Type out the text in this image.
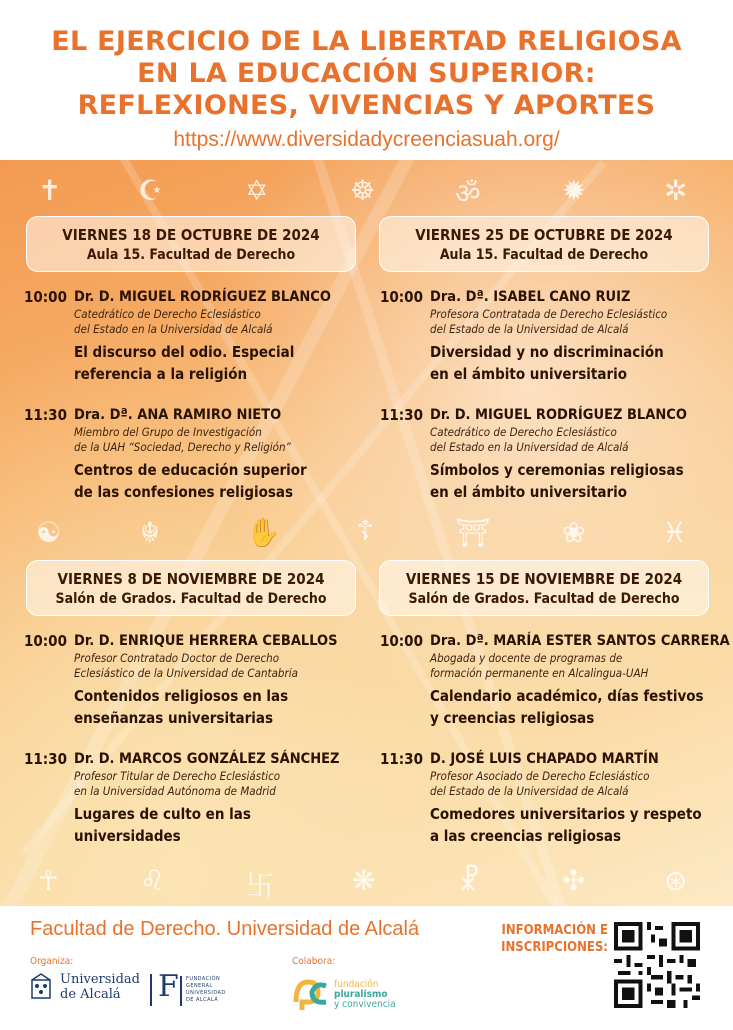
EL EJERCICIO DE LA LIBERTAD RELIGIOSA
EN LA EDUCACIÓN SUPERIOR:
REFLEXIONES, VIVENCIAS Y APORTES
https://www.diversidadycreenciasuah.org/
✝	☪	✡	☸	ॐ	✹	✲
☯	☬	✋	☦	⛩	❀	♓
☥	♌	卐	❋	☧	✣	⊛
VIERNES 18 DE OCTUBRE DE 2024
Aula 15. Facultad de Derecho
10:00 Dr. D. MIGUEL RODRÍGUEZ BLANCO
Catedrático de Derecho Eclesiástico
del Estado en la Universidad de Alcalá
El discurso del odio. Especial
referencia a la religión
11:30 Dra. Dª. ANA RAMIRO NIETO
Miembro del Grupo de Investigación
de la UAH “Sociedad, Derecho y Religión”
Centros de educación superior
de las confesiones religiosas
VIERNES 25 DE OCTUBRE DE 2024
Aula 15. Facultad de Derecho
10:00 Dra. Dª. ISABEL CANO RUIZ
Profesora Contratada de Derecho Eclesiástico
del Estado de la Universidad de Alcalá
Diversidad y no discriminación
en el ámbito universitario
11:30 Dr. D. MIGUEL RODRÍGUEZ BLANCO
Catedrático de Derecho Eclesiástico
del Estado en la Universidad de Alcalá
Símbolos y ceremonias religiosas
en el ámbito universitario
VIERNES 8 DE NOVIEMBRE DE 2024
Salón de Grados. Facultad de Derecho
10:00 Dr. D. ENRIQUE HERRERA CEBALLOS
Profesor Contratado Doctor de Derecho
Eclesiástico de la Universidad de Cantabria
Contenidos religiosos en las
enseñanzas universitarias
11:30 Dr. D. MARCOS GONZÁLEZ SÁNCHEZ
Profesor Titular de Derecho Eclesiástico
en la Universidad Autónoma de Madrid
Lugares de culto en las
universidades
VIERNES 15 DE NOVIEMBRE DE 2024
Salón de Grados. Facultad de Derecho
10:00 Dra. Dª. MARÍA ESTER SANTOS CARRERA
Abogada y docente de programas de
formación permanente en Alcalingua-UAH
Calendario académico, días festivos
y creencias religiosas
11:30 D. JOSÉ LUIS CHAPADO MARTÍN
Profesor Asociado de Derecho Eclesiástico
del Estado de la Universidad de Alcalá
Comedores universitarios y respeto
a las creencias religiosas
Facultad de Derecho. Universidad de Alcalá
Organiza:	Colabora:
Universidad
de Alcalá	F FUNDACIÓN
GENERAL
UNIVERSIDAD
DE ALCALÁ
fundación
pluralismo
y convivencia
INFORMACIÓN E
INSCRIPCIONES:
